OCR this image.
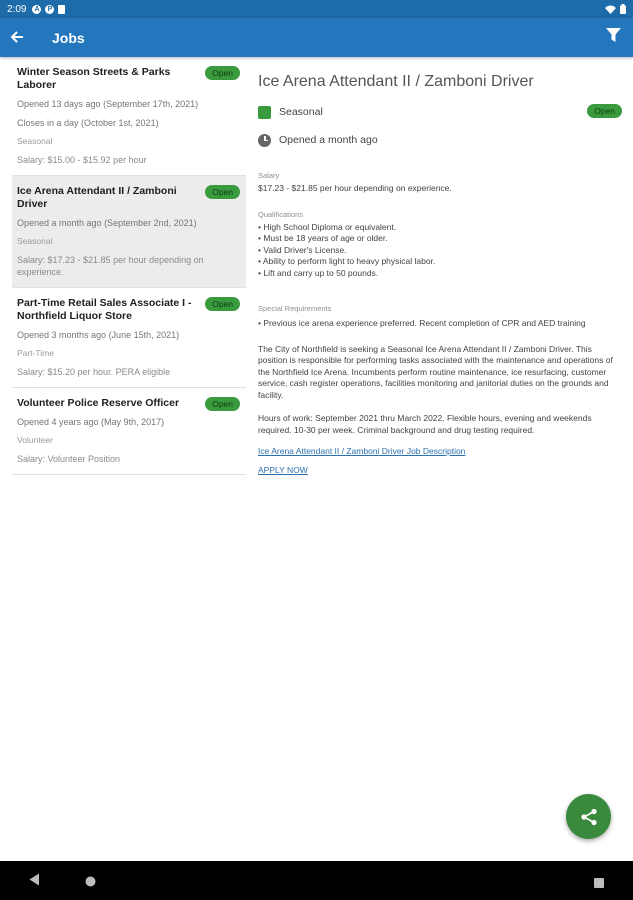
2:09 A	P
Jobs
Winter Season Streets & Parks Laborer
Open
Opened 13 days ago (September 17th, 2021)
Closes in a day (October 1st, 2021)
Seasonal
Salary: $15.00 - $15.92 per hour
Ice Arena Attendant II / Zamboni Driver
Open
Opened a month ago (September 2nd, 2021)
Seasonal
Salary: $17.23 - $21.85 per hour depending on experience.
Part-Time Retail Sales Associate I - Northfield Liquor Store
Open
Opened 3 months ago (June 15th, 2021)
Part-Time
Salary: $15.20 per hour. PERA eligible
Volunteer Police Reserve Officer	Open
Opened 4 years ago (May 9th, 2017)
Volunteer
Salary: Volunteer Position
Ice Arena Attendant II / Zamboni Driver
Seasonal	Open
Opened a month ago
Salary
$17.23 - $21.85 per hour depending on experience.
Qualifications
• High School Diploma or equivalent.
• Must be 18 years of age or older.
• Valid Driver's License.
• Ability to perform light to heavy physical labor.
• Lift and carry up to 50 pounds.
Special Requirements
• Previous ice arena experience preferred. Recent completion of CPR and AED training
The City of Northfield is seeking a Seasonal Ice Arena Attendant II / Zamboni Driver. This position is responsible for performing tasks associated with the maintenance and operations of the Northfield Ice Arena. Incumbents perform routine maintenance, ice resurfacing, customer service, cash register operations, facilities monitoring and janitorial duties on the grounds and facility.
Hours of work: September 2021 thru March 2022. Flexible hours, evening and weekends required. 10-30 per week. Criminal background and drug testing required.
Ice Arena Attendant II / Zamboni Driver Job Description
APPLY NOW
